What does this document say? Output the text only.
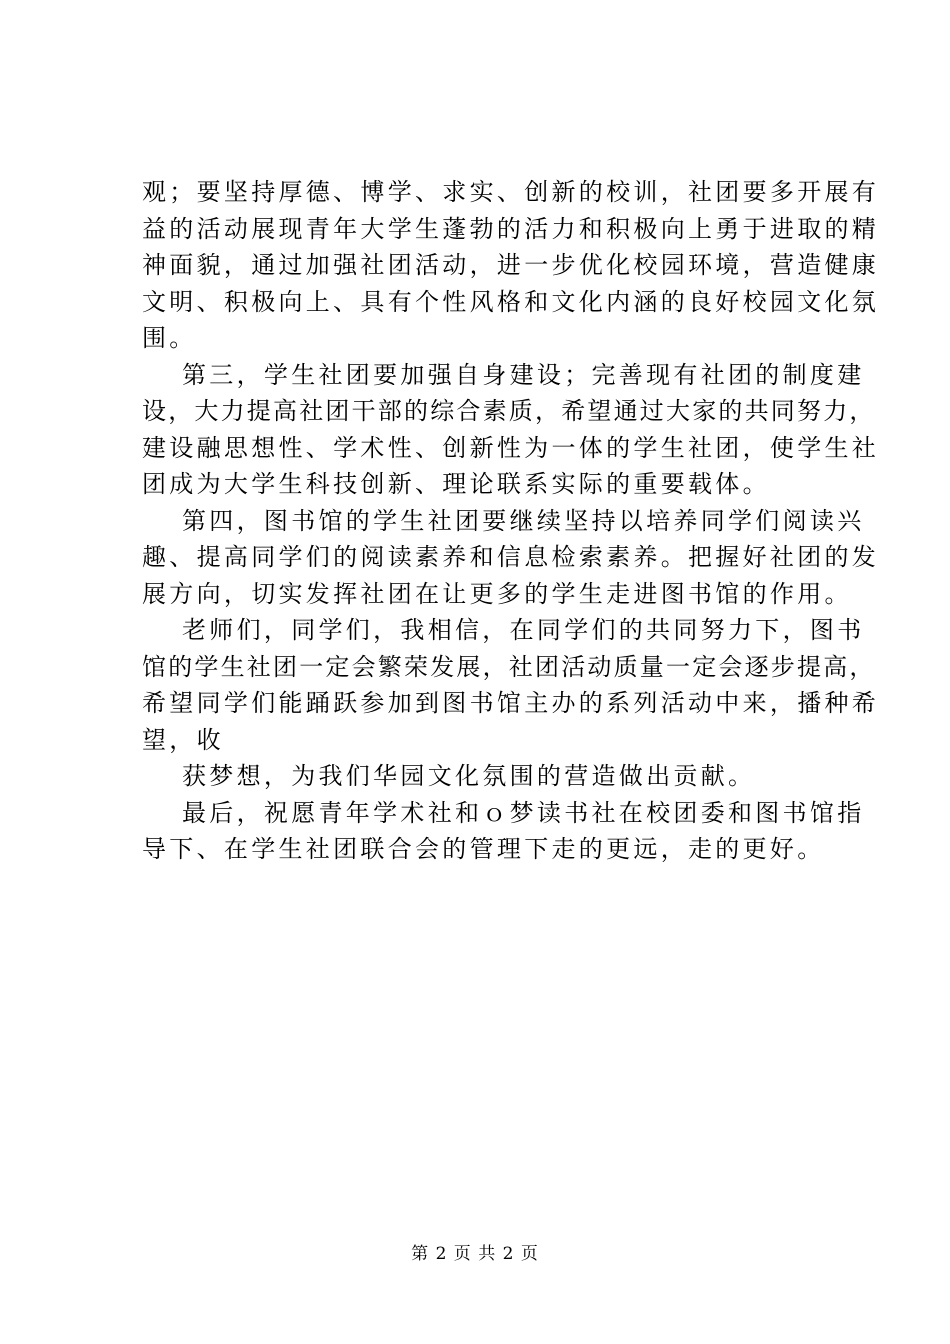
观；要坚持厚德、博学、求实、创新的校训，社团要多开展有
益的活动展现青年大学生蓬勃的活力和积极向上勇于进取的精
神面貌，通过加强社团活动，进一步优化校园环境，营造健康
文明、积极向上、具有个性风格和文化内涵的良好校园文化氛
围。
第三，学生社团要加强自身建设；完善现有社团的制度建
设，大力提高社团干部的综合素质，希望通过大家的共同努力，
建设融思想性、学术性、创新性为一体的学生社团，使学生社
团成为大学生科技创新、理论联系实际的重要载体。
第四，图书馆的学生社团要继续坚持以培养同学们阅读兴
趣、提高同学们的阅读素养和信息检索素养。把握好社团的发
展方向，切实发挥社团在让更多的学生走进图书馆的作用。
老师们，同学们，我相信，在同学们的共同努力下，图书
馆的学生社团一定会繁荣发展，社团活动质量一定会逐步提高，
希望同学们能踊跃参加到图书馆主办的系列活动中来，播种希
望，收
获梦想，为我们华园文化氛围的营造做出贡献。
最后，祝愿青年学术社和ｏ梦读书社在校团委和图书馆指
导下、在学生社团联合会的管理下走的更远，走的更好。
第 2 页 共 2 页
